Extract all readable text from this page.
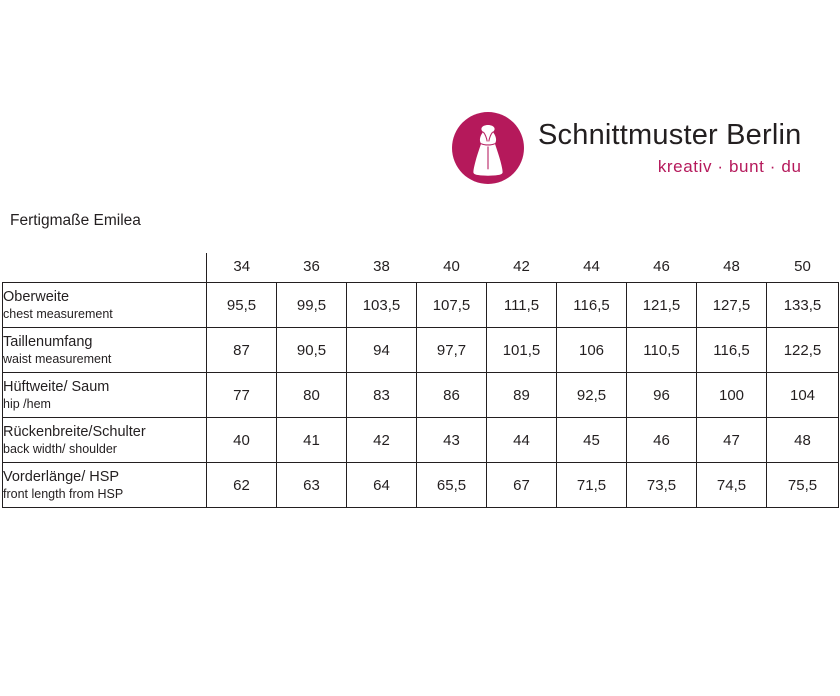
Schnittmuster Berlin
kreativ · bunt · du
Fertigmaße Emilea
	34	36	38	40	42	44	46	48	50

Oberweite
chest measurement	95,5	99,5	103,5	107,5	111,5	116,5	121,5	127,5	133,5

Taillenumfang
waist measurement	87	90,5	94	97,7	101,5	106	110,5	116,5	122,5

Hüftweite/ Saum
hip /hem	77	80	83	86	89	92,5	96	100	104

Rückenbreite/Schulter
back width/ shoulder	40	41	42	43	44	45	46	47	48

Vorderlänge/ HSP
front length from HSP	62	63	64	65,5	67	71,5	73,5	74,5	75,5
